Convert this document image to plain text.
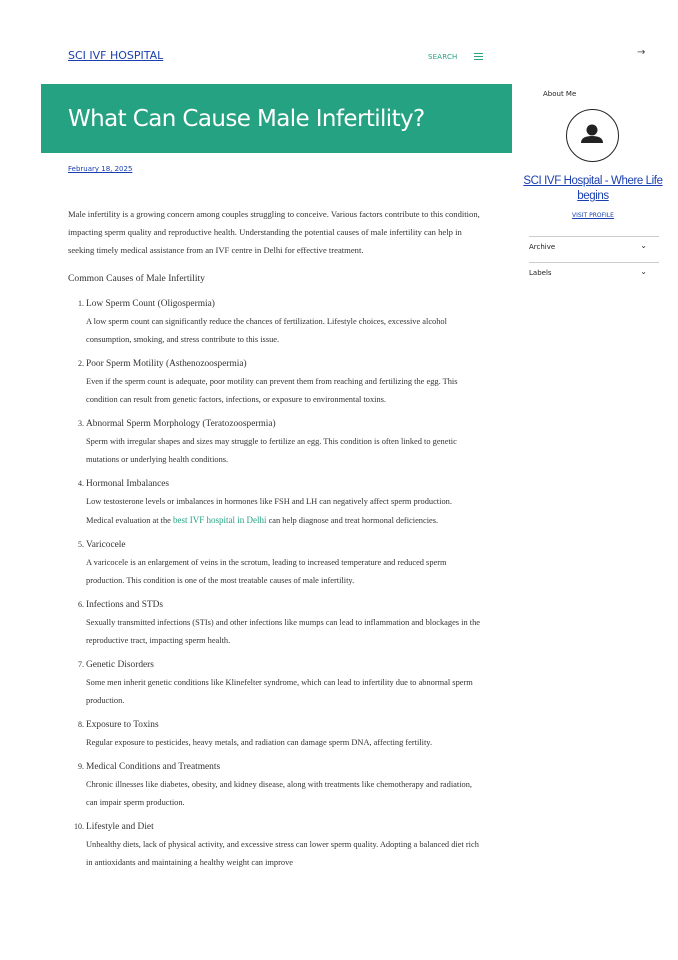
SCI IVF HOSPITAL	SEARCH	→
What Can Cause Male Infertility?
February 18, 2025

Male infertility is a growing concern among couples struggling to conceive. Various factors contribute to this condition, impacting sperm quality and reproductive health. Understanding the potential causes of male infertility can help in seeking timely medical assistance from an IVF centre in Delhi for effective treatment.

Common Causes of Male Infertility

1. Low Sperm Count (Oligospermia)
A low sperm count can significantly reduce the chances of fertilization. Lifestyle choices, excessive alcohol consumption, smoking, and stress contribute to this issue.
2. Poor Sperm Motility (Asthenozoospermia)
Even if the sperm count is adequate, poor motility can prevent them from reaching and fertilizing the egg. This condition can result from genetic factors, infections, or exposure to environmental toxins.
3. Abnormal Sperm Morphology (Teratozoospermia)
Sperm with irregular shapes and sizes may struggle to fertilize an egg. This condition is often linked to genetic mutations or underlying health conditions.
4. Hormonal Imbalances
Low testosterone levels or imbalances in hormones like FSH and LH can negatively affect sperm production. Medical evaluation at the best IVF hospital in Delhi can help diagnose and treat hormonal deficiencies.
5. Varicocele
A varicocele is an enlargement of veins in the scrotum, leading to increased temperature and reduced sperm production. This condition is one of the most treatable causes of male infertility.
6. Infections and STDs
Sexually transmitted infections (STIs) and other infections like mumps can lead to inflammation and blockages in the reproductive tract, impacting sperm health.
7. Genetic Disorders
Some men inherit genetic conditions like Klinefelter syndrome, which can lead to infertility due to abnormal sperm production.
8. Exposure to Toxins
Regular exposure to pesticides, heavy metals, and radiation can damage sperm DNA, affecting fertility.
9. Medical Conditions and Treatments
Chronic illnesses like diabetes, obesity, and kidney disease, along with treatments like chemotherapy and radiation, can impair sperm production.
10. Lifestyle and Diet
Unhealthy diets, lack of physical activity, and excessive stress can lower sperm quality. Adopting a balanced diet rich in antioxidants and maintaining a healthy weight can improve
About Me
SCI IVF Hospital - Where Life begins
VISIT PROFILE
Archive	⌄
Labels	⌄
